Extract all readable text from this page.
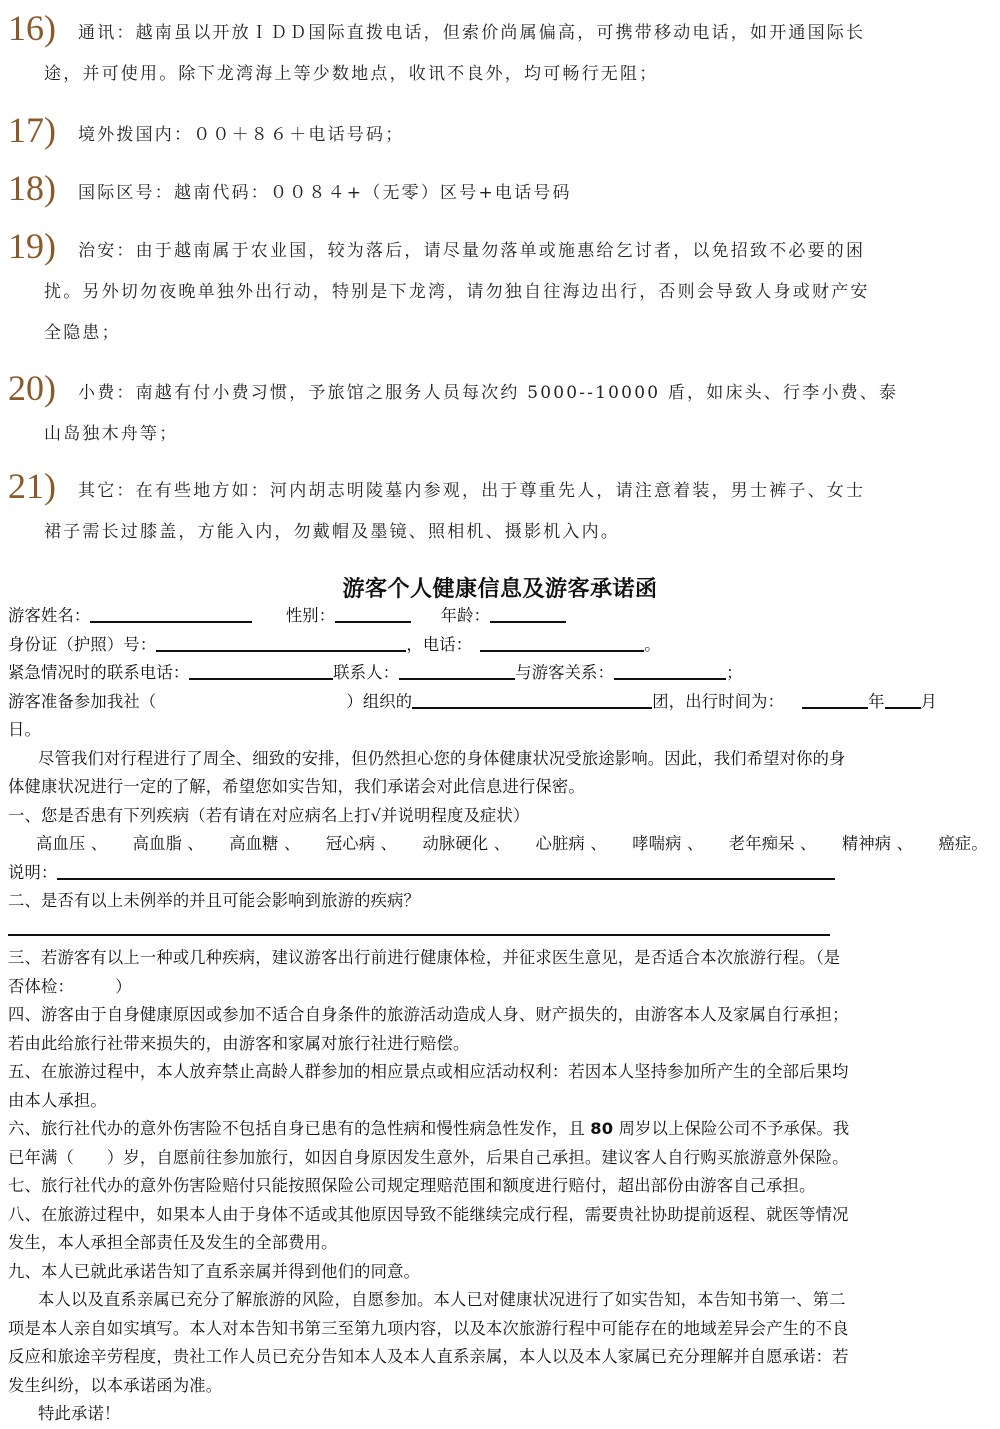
16) 通讯：越南虽以开放ＩＤＤ国际直拨电话，但索价尚属偏高，可携带移动电话，如开通国际长
途，并可使用。除下龙湾海上等少数地点，收讯不良外，均可畅行无阻；
17) 境外拨国内：００＋８６＋电话号码；
18) 国际区号：越南代码：００８４+（无零）区号+电话号码
19) 治安：由于越南属于农业国，较为落后，请尽量勿落单或施惠给乞讨者，以免招致不必要的困
扰。另外切勿夜晚单独外出行动，特别是下龙湾，请勿独自往海边出行，否则会导致人身或财产安
全隐患；
20) 小费：南越有付小费习惯，予旅馆之服务人员每次约 5000--10000 盾，如床头、行李小费、泰
山岛独木舟等；
21) 其它：在有些地方如：河内胡志明陵墓内参观，出于尊重先人，请注意着装，男士裤子、女士
裙子需长过膝盖，方能入内，勿戴帽及墨镜、照相机、摄影机入内。
游客个人健康信息及游客承诺函
游客姓名：	性别：	年龄：
身份证（护照）号：	，电话：	。
紧急情况时的联系电话：	联系人：	与游客关系：	；
游客准备参加我社（	）组织的	团，出行时间为：	年 月
日。
尽管我们对行程进行了周全、细致的安排，但仍然担心您的身体健康状况受旅途影响。因此，我们希望对你的身
体健康状况进行一定的了解，希望您如实告知，我们承诺会对此信息进行保密。
一、您是否患有下列疾病（若有请在对应病名上打√并说明程度及症状）
高血压 、 高血脂 、 高血糖 、 冠心病 、 动脉硬化 、 心脏病 、 哮喘病 、 老年痴呆 、 精神病 、 癌症。
说明：
二、是否有以上未例举的并且可能会影响到旅游的疾病？
三、若游客有以上一种或几种疾病，建议游客出行前进行健康体检，并征求医生意见，是否适合本次旅游行程。（是
否体检：　　　）
四、游客由于自身健康原因或参加不适合自身条件的旅游活动造成人身、财产损失的，由游客本人及家属自行承担；
若由此给旅行社带来损失的，由游客和家属对旅行社进行赔偿。
五、在旅游过程中，本人放弃禁止高龄人群参加的相应景点或相应活动权利：若因本人坚持参加所产生的全部后果均
由本人承担。
六、旅行社代办的意外伤害险不包括自身已患有的急性病和慢性病急性发作，且 80 周岁以上保险公司不予承保。我
已年满（　　）岁，自愿前往参加旅行，如因自身原因发生意外，后果自己承担。建议客人自行购买旅游意外保险。
七、旅行社代办的意外伤害险赔付只能按照保险公司规定理赔范围和额度进行赔付，超出部份由游客自己承担。
八、在旅游过程中，如果本人由于身体不适或其他原因导致不能继续完成行程，需要贵社协助提前返程、就医等情况
发生，本人承担全部责任及发生的全部费用。
九、本人已就此承诺告知了直系亲属并得到他们的同意。
本人以及直系亲属已充分了解旅游的风险，自愿参加。本人已对健康状况进行了如实告知，本告知书第一、第二
项是本人亲自如实填写。本人对本告知书第三至第九项内容，以及本次旅游行程中可能存在的地域差异会产生的不良
反应和旅途辛劳程度，贵社工作人员已充分告知本人及本人直系亲属，本人以及本人家属已充分理解并自愿承诺：若
发生纠纷，以本承诺函为准。
特此承诺！
